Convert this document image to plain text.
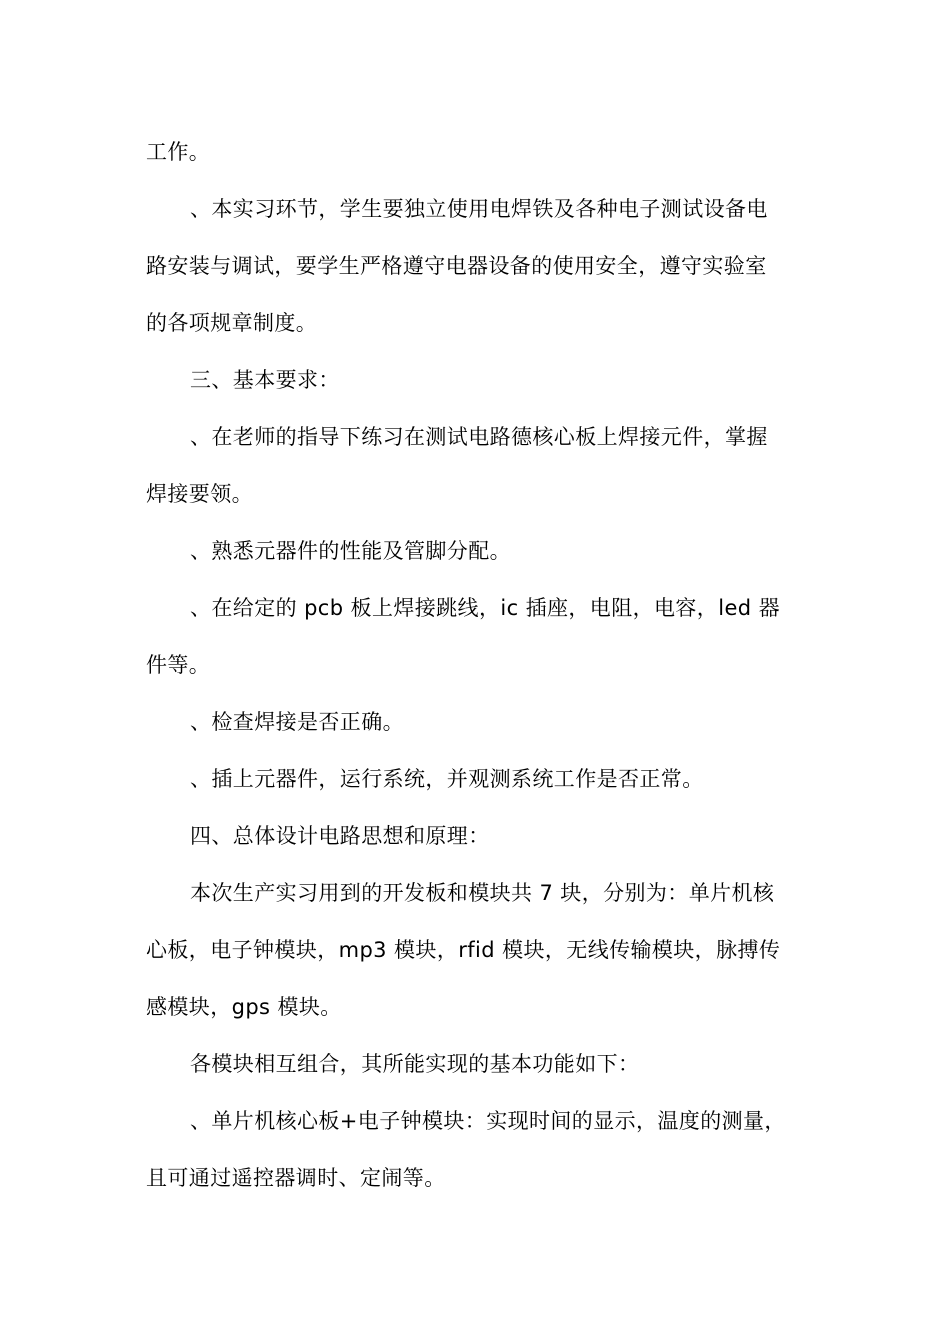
工作。
、本实习环节，学生要独立使用电焊铁及各种电子测试设备电
路安装与调试，要学生严格遵守电器设备的使用安全，遵守实验室
的各项规章制度。
三、基本要求：
、在老师的指导下练习在测试电路德核心板上焊接元件，掌握
焊接要领。
、熟悉元器件的性能及管脚分配。
、在给定的 pcb 板上焊接跳线，ic 插座，电阻，电容，led 器
件等。
、检查焊接是否正确。
、插上元器件，运行系统，并观测系统工作是否正常。
四、总体设计电路思想和原理：
本次生产实习用到的开发板和模块共 7 块，分别为：单片机核
心板，电子钟模块，mp3 模块，rfid 模块，无线传输模块，脉搏传
感模块，gps 模块。
各模块相互组合，其所能实现的基本功能如下：
、单片机核心板+电子钟模块：实现时间的显示，温度的测量，
且可通过遥控器调时、定闹等。
